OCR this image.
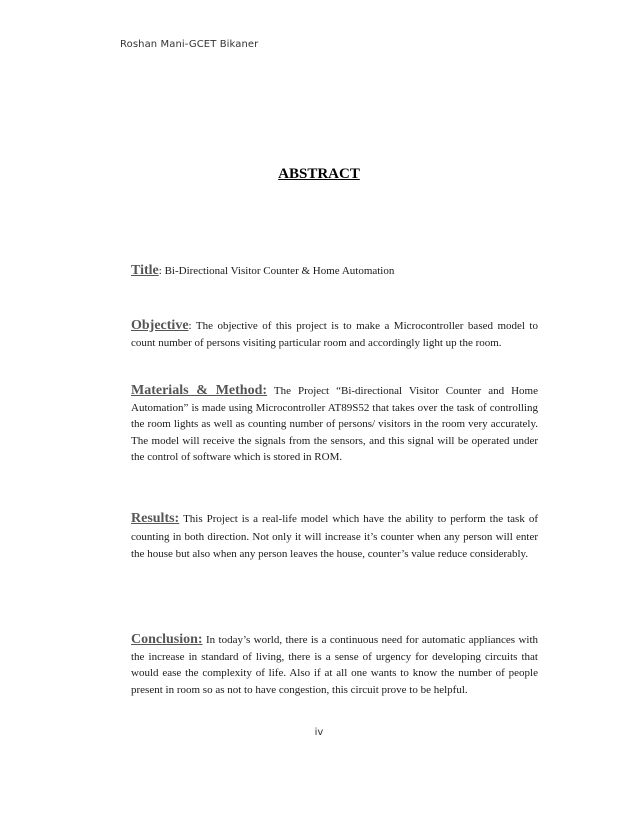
Roshan Mani-GCET Bikaner
ABSTRACT
Title: Bi-Directional Visitor Counter & Home Automation
Objective: The objective of this project is to make a Microcontroller based model to count number of persons visiting particular room and accordingly light up the room.
Materials & Method: The Project “Bi-directional Visitor Counter and Home Automation” is made using Microcontroller AT89S52 that takes over the task of controlling the room lights as well as counting number of persons/ visitors in the room very accurately. The model will receive the signals from the sensors, and this signal will be operated under the control of software which is stored in ROM.
Results: This Project is a real-life model which have the ability to perform the task of counting in both direction. Not only it will increase it’s counter when any person will enter the house but also when any person leaves the house, counter’s value reduce considerably.
Conclusion: In today’s world, there is a continuous need for automatic appliances with the increase in standard of living, there is a sense of urgency for developing circuits that would ease the complexity of life. Also if at all one wants to know the number of people present in room so as not to have congestion, this circuit prove to be helpful.
iv
